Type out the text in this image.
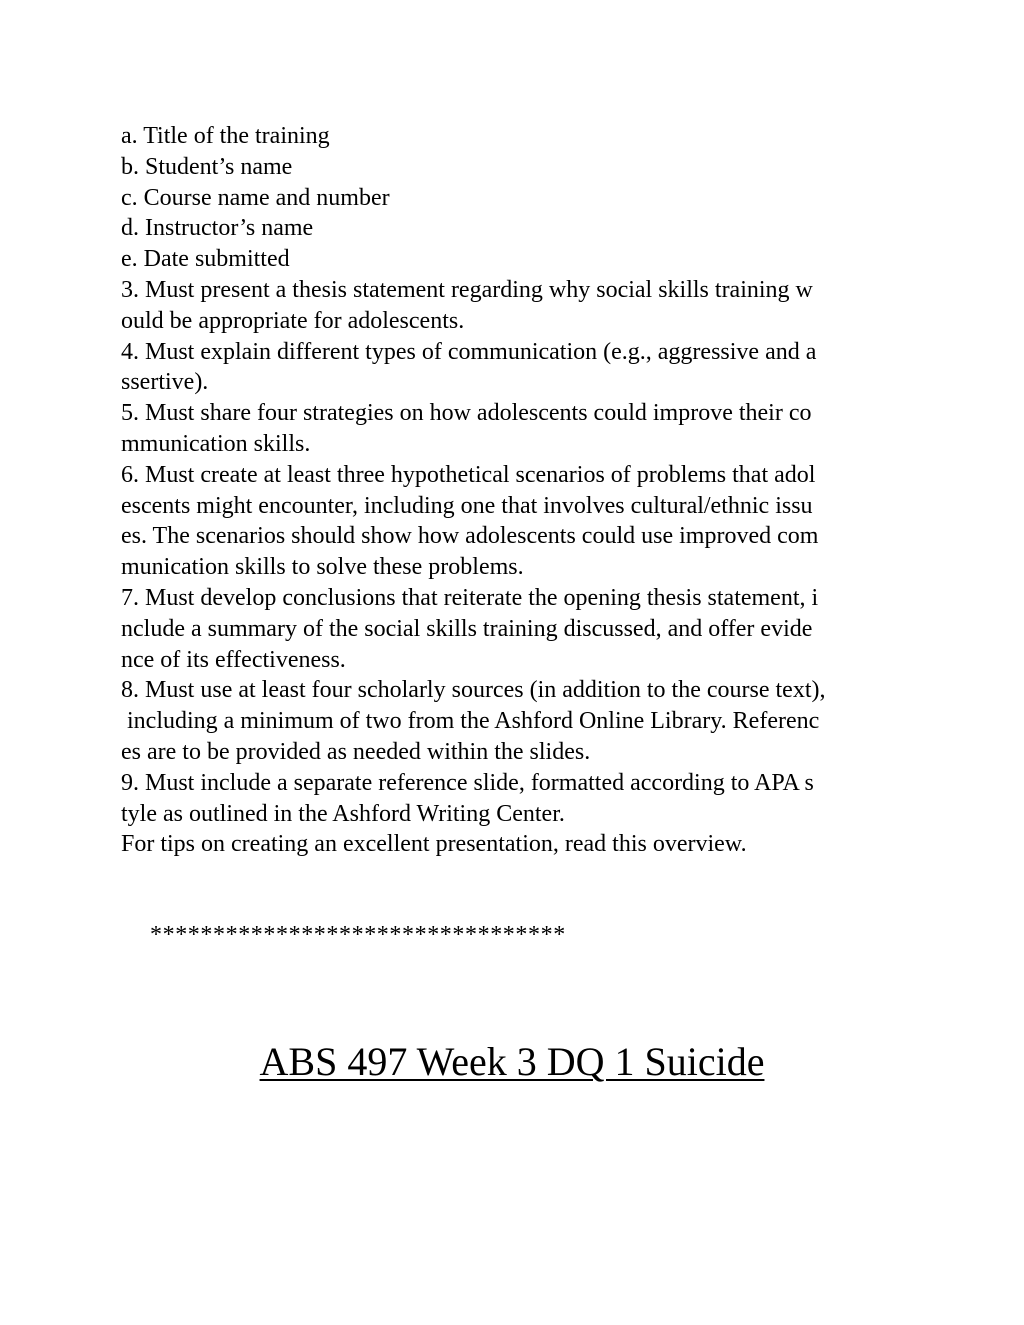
a. Title of the training
b. Student’s name
c. Course name and number
d. Instructor’s name
e. Date submitted
3. Must present a thesis statement regarding why social skills training w
ould be appropriate for adolescents.
4. Must explain different types of communication (e.g., aggressive and a
ssertive).
5. Must share four strategies on how adolescents could improve their co
mmunication skills.
6. Must create at least three hypothetical scenarios of problems that adol
escents might encounter, including one that involves cultural/ethnic issu
es. The scenarios should show how adolescents could use improved com
munication skills to solve these problems.
7. Must develop conclusions that reiterate the opening thesis statement, i
nclude a summary of the social skills training discussed, and offer evide
nce of its effectiveness.
8. Must use at least four scholarly sources (in addition to the course text),
including a minimum of two from the Ashford Online Library. Referenc
es are to be provided as needed within the slides.
9. Must include a separate reference slide, formatted according to APA s
tyle as outlined in the Ashford Writing Center.
For tips on creating an excellent presentation, read this overview.
*********************************
ABS 497 Week 3 DQ 1 Suicide
